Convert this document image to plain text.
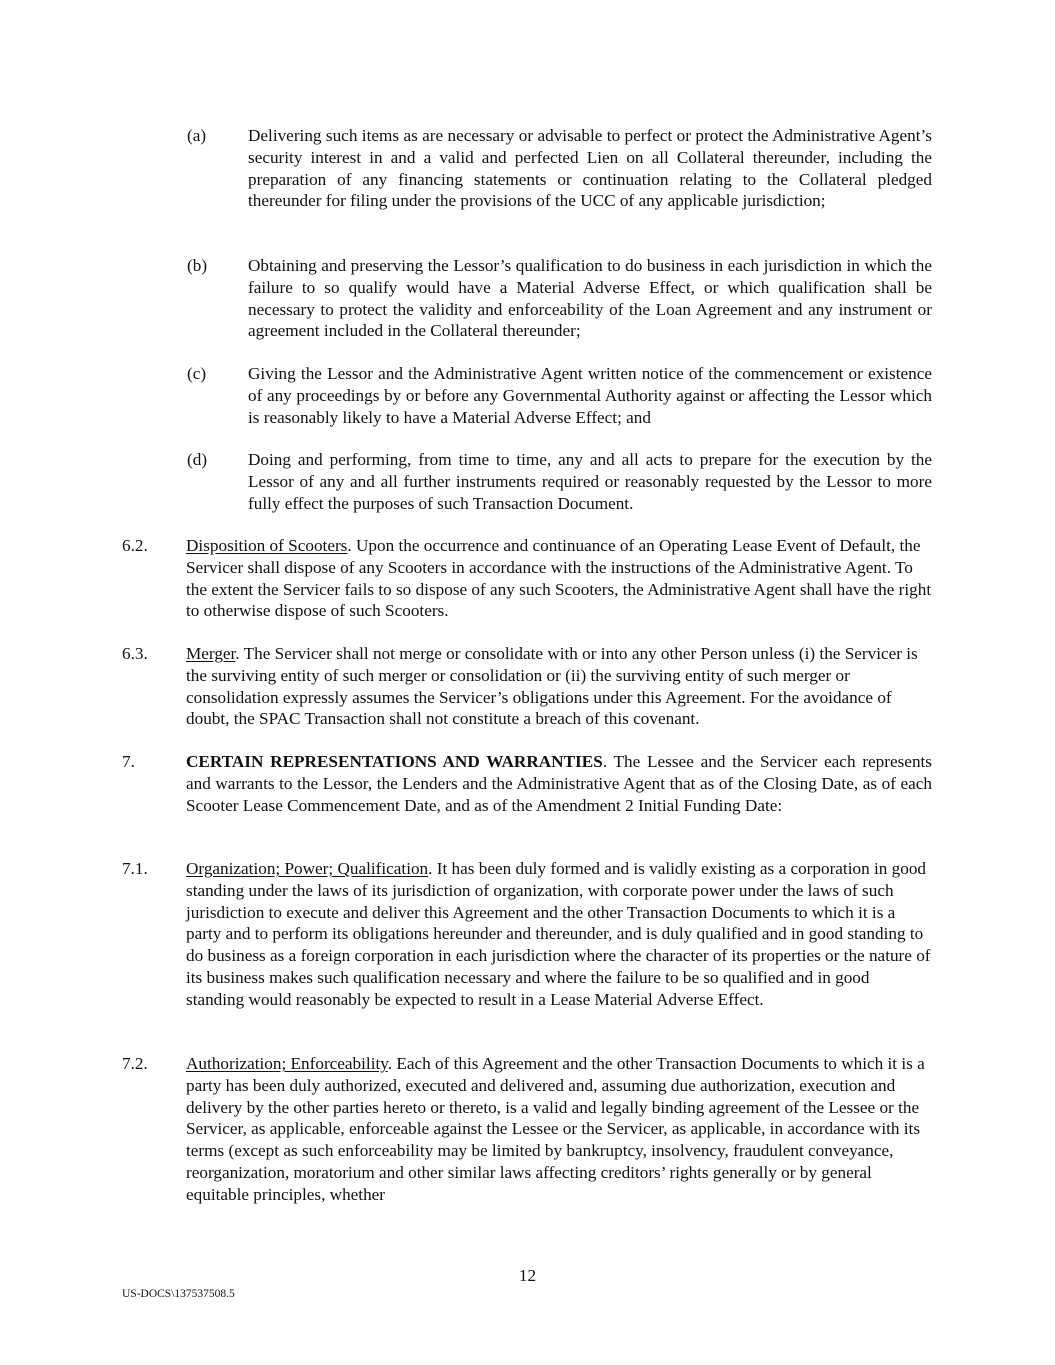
(a) Delivering such items as are necessary or advisable to perfect or protect the Administrative Agent’s security interest in and a valid and perfected Lien on all Collateral thereunder, including the preparation of any financing statements or continuation relating to the Collateral pledged thereunder for filing under the provisions of the UCC of any applicable jurisdiction;
(b) Obtaining and preserving the Lessor’s qualification to do business in each jurisdiction in which the failure to so qualify would have a Material Adverse Effect, or which qualification shall be necessary to protect the validity and enforceability of the Loan Agreement and any instrument or agreement included in the Collateral thereunder;
(c) Giving the Lessor and the Administrative Agent written notice of the commencement or existence of any proceedings by or before any Governmental Authority against or affecting the Lessor which is reasonably likely to have a Material Adverse Effect; and
(d) Doing and performing, from time to time, any and all acts to prepare for the execution by the Lessor of any and all further instruments required or reasonably requested by the Lessor to more fully effect the purposes of such Transaction Document.
6.2. Disposition of Scooters. Upon the occurrence and continuance of an Operating Lease Event of Default, the Servicer shall dispose of any Scooters in accordance with the instructions of the Administrative Agent. To the extent the Servicer fails to so dispose of any such Scooters, the Administrative Agent shall have the right to otherwise dispose of such Scooters.
6.3. Merger. The Servicer shall not merge or consolidate with or into any other Person unless (i) the Servicer is the surviving entity of such merger or consolidation or (ii) the surviving entity of such merger or consolidation expressly assumes the Servicer’s obligations under this Agreement. For the avoidance of doubt, the SPAC Transaction shall not constitute a breach of this covenant.
7.	CERTAIN REPRESENTATIONS AND WARRANTIES. The Lessee and the Servicer each represents and warrants to the Lessor, the Lenders and the Administrative Agent that as of the Closing Date, as of each Scooter Lease Commencement Date, and as of the Amendment 2 Initial Funding Date:
7.1. Organization; Power; Qualification. It has been duly formed and is validly existing as a corporation in good standing under the laws of its jurisdiction of organization, with corporate power under the laws of such jurisdiction to execute and deliver this Agreement and the other Transaction Documents to which it is a party and to perform its obligations hereunder and thereunder, and is duly qualified and in good standing to do business as a foreign corporation in each jurisdiction where the character of its properties or the nature of its business makes such qualification necessary and where the failure to be so qualified and in good standing would reasonably be expected to result in a Lease Material Adverse Effect.
7.2. Authorization; Enforceability. Each of this Agreement and the other Transaction Documents to which it is a party has been duly authorized, executed and delivered and, assuming due authorization, execution and delivery by the other parties hereto or thereto, is a valid and legally binding agreement of the Lessee or the Servicer, as applicable, enforceable against the Lessee or the Servicer, as applicable, in accordance with its terms (except as such enforceability may be limited by bankruptcy, insolvency, fraudulent conveyance, reorganization, moratorium and other similar laws affecting creditors’ rights generally or by general equitable principles, whether
12
US-DOCS\137537508.5
